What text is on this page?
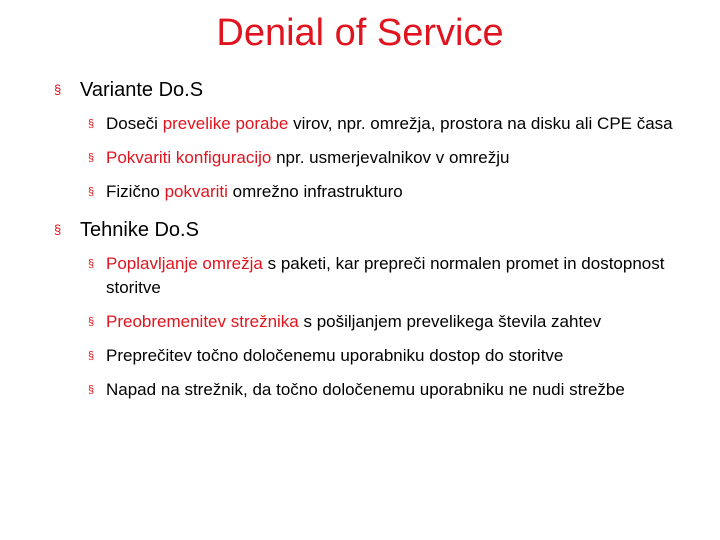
Denial of Service
§ Variante Do.S
§ Doseči prevelike porabe virov, npr. omrežja, prostora na disku ali CPE časa
§ Pokvariti konfiguracijo npr. usmerjevalnikov v omrežju
§ Fizično pokvariti omrežno infrastrukturo
§ Tehnike Do.S
§ Poplavljanje omrežja s paketi, kar prepreči normalen promet in dostopnost storitve
§ Preobremenitev strežnika s pošiljanjem prevelikega števila zahtev
§ Preprečitev točno določenemu uporabniku dostop do storitve
§ Napad na strežnik, da točno določenemu uporabniku ne nudi strežbe
